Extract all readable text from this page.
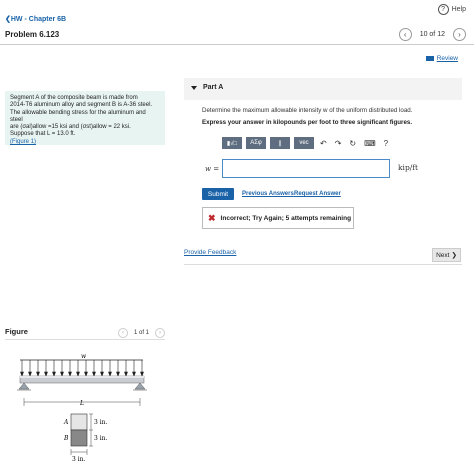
? Help
❮HW - Chapter 6B
Problem 6.123	‹	10 of 12	›
Review
Segment A of the composite beam is made from
2014-T6 aluminum alloy and segment B is A-36 steel.
The allowable bending stress for the aluminum and steel
are (σal)allow =15 ksi and (σst)allow = 22 ksi.
Suppose that L = 13.0 ft.
(Figure 1)
Figure	‹	1 of 1	›
w
L
A
B
3 in.
3 in.
3 in.
Part A
Determine the maximum allowable intensity w of the uniform distributed load.
Express your answer in kilopounds per foot to three significant figures.
▮√□	AΣφ	∥	vec	↶ ↷ ↻ ⌨ ?
w =	kip/ft
Submit	Previous Answers Request Answer
✖ Incorrect; Try Again; 5 attempts remaining
Provide Feedback	Next ❯
